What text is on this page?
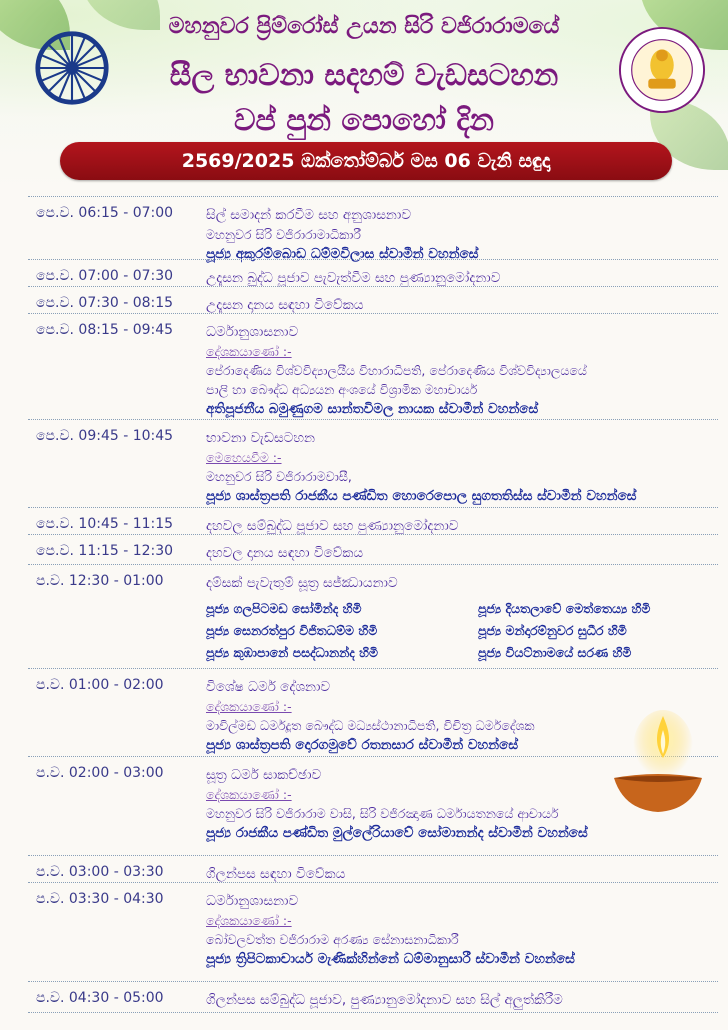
මහනුවර ප්‍රිම්රෝස් උයන සිරි වජිරාරාමයේ
සීල භාවනා සදහම් වැඩසටහන
වප් පුන් පොහෝ දින
2569/2025 ඔක්තෝම්බර් මස 06 වැනි සඳුදා
පෙ.ව. 06:15 - 07:00 සිල් සමාදන් කරවීම සහ අනුශාසනාව
මහනුවර සිරි වජිරාරාමාධිකාරී
පූජ්‍ය අකුරම්බොඩ ධම්මවිලාස ස්වාමීන් වහන්සේ
පෙ.ව. 07:00 - 07:30 උදෑසන බුද්ධ පූජාව පැවැත්වීම සහ පුණ්‍යානුමෝදනාව
පෙ.ව. 07:30 - 08:15 උදෑසන දානය සඳහා විවේකය
පෙ.ව. 08:15 - 09:45 ධර්මානුශාසනාව
දේශකයාණෝ :-
පේරාදෙණිය විශ්වවිද්‍යාලයීය විහාරාධිපති, පේරාදෙණිය විශ්වවිද්‍යාලයයේ
පාලි හා බෞද්ධ අධ්‍යයන අංශයේ විශ්‍රාමික මහාචාර්ය
අතිපූජනීය බමුණුගම සාන්තවිමල නායක ස්වාමීන් වහන්සේ
පෙ.ව. 09:45 - 10:45 භාවනා වැඩසටහන
මෙහෙයවීම :-
මහනුවර සිරි වජිරාරාමවාසී,
පූජ්‍ය ශාස්ත්‍රපති රාජකීය පණ්ඩිත හොරෙපොල සුගතතිස්ස ස්වාමීන් වහන්සේ
පෙ.ව. 10:45 - 11:15 දහවල සම්බුද්ධ පූජාව සහ පුණ්‍යානුමෝදනාව
පෙ.ව. 11:15 - 12:30 දහවල දානය සඳහා විවේකය
ප.ව. 12:30 - 01:00	දම්සක් පැවැතුම් සූත්‍ර සජ්ඣායනාව
පූජ්‍ය ගලපිටමඩ සෝමින්ද හිමි	පූජ්‍ය දියතලාවේ මෙත්තෙය්‍ය හිමි
පූජ්‍ය සෙනරත්පුර විජිතධම්ම හිමි	පූජ්‍ය මන්දාරම්නුවර සුධීර හිමි
පූජ්‍ය කුඹාපානේ පසද්ධානන්ද හිමි	පූජ්‍ය වියට්නාමයේ සරණ හිමි
ප.ව. 01:00 - 02:00	විශේෂ ධර්ම දේශනාව
දේශකයාණෝ :-
මාවිල්මඩ ධර්මදූත බෞද්ධ මධ්‍යස්ථානාධිපති, විචිත්‍ර ධර්මදේශක
පූජ්‍ය ශාස්ත්‍රපති දොරගමුවේ රතනසාර ස්වාමීන් වහන්සේ
ප.ව. 02:00 - 03:00	සූත්‍ර ධර්ම සාකච්ඡාව
දේශකයාණෝ :-
මහනුවර සිරි වජිරාරාම වාසි, සිරි වජිරඤාණ ධර්මායතනයේ ආචාර්ය
පූජ්‍ය රාජකීය පණ්ඩිත මුල්ලේරියාවේ සෝමානන්ද ස්වාමීන් වහන්සේ
ප.ව. 03:00 - 03:30	ගිලන්පස සඳහා විවේකය
ප.ව. 03:30 - 04:30	ධර්මානුශාසනාව
දේශකයාණෝ :-
බෝවලවත්ත වජිරාරාම අරණ්‍ය සේනාසනාධිකාරී
පූජ්‍ය ත්‍රිපිටකාචාර්ය මැණික්හින්නේ ධම්මානුසාරී ස්වාමීන් වහන්සේ
ප.ව. 04:30 - 05:00	ගිලන්පස සම්බුද්ධ පූජාව, පුණ්‍යානුමෝදනාව සහ සිල් අලුත්කිරීම
